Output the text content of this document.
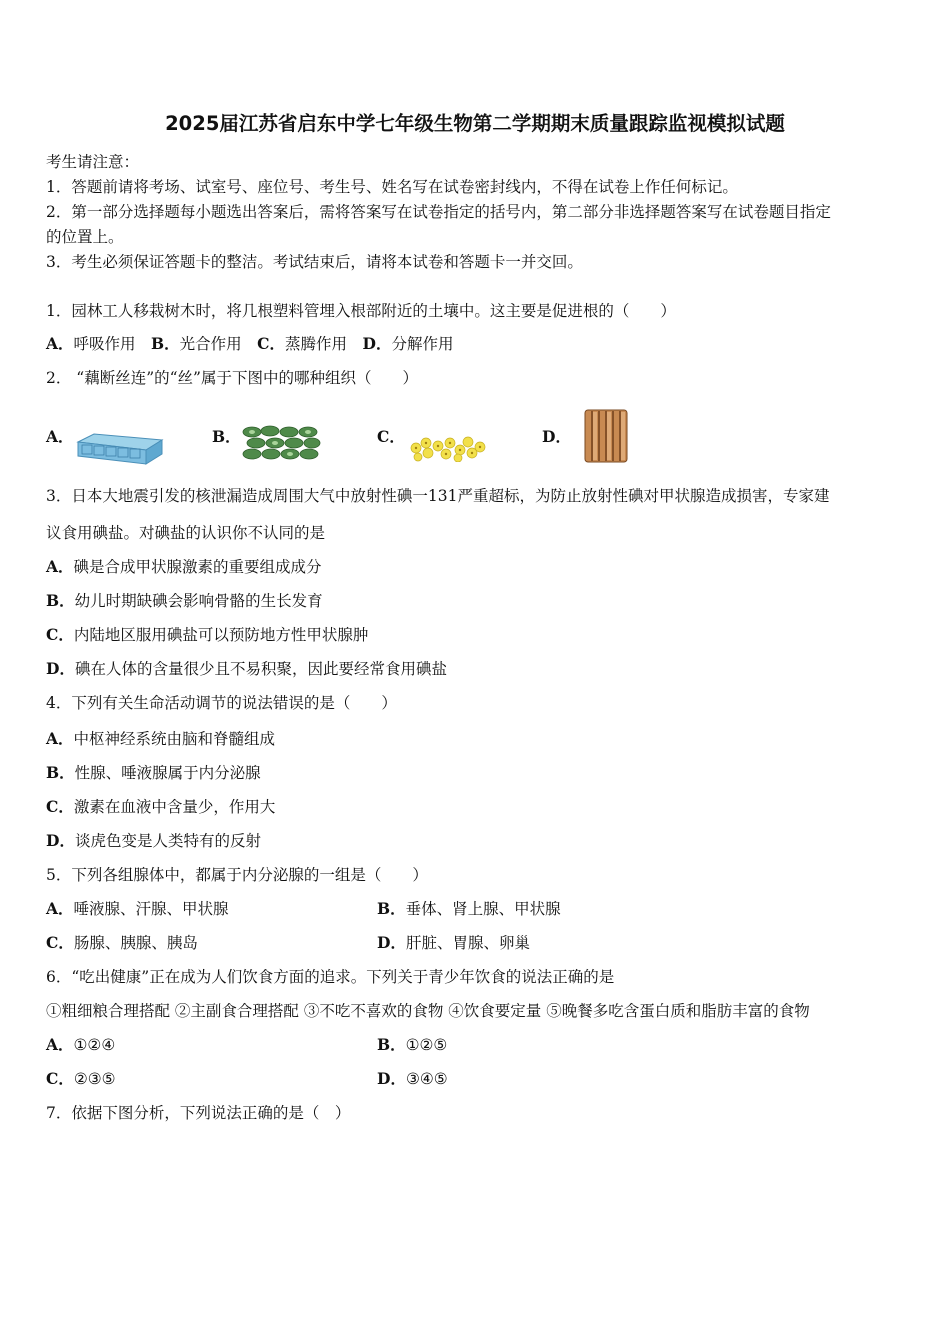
2025届江苏省启东中学七年级生物第二学期期末质量跟踪监视模拟试题
考生请注意：
1．答题前请将考场、试室号、座位号、考生号、姓名写在试卷密封线内，不得在试卷上作任何标记。
2．第一部分选择题每小题选出答案后，需将答案写在试卷指定的括号内，第二部分非选择题答案写在试卷题目指定
的位置上。
3．考生必须保证答题卡的整洁。考试结束后，请将本试卷和答题卡一并交回。
1．园林工人移栽树木时，将几根塑料管埋入根部附近的土壤中。这主要是促进根的（　　）
A．呼吸作用　B．光合作用　C．蒸腾作用　D．分解作用
2． “藕断丝连”的“丝”属于下图中的哪种组织（　　）
A．	B．	C．	D．
3．日本大地震引发的核泄漏造成周围大气中放射性碘一131严重超标，为防止放射性碘对甲状腺造成损害，专家建
议食用碘盐。对碘盐的认识你不认同的是
A．碘是合成甲状腺激素的重要组成成分
B．幼儿时期缺碘会影响骨骼的生长发育
C．内陆地区服用碘盐可以预防地方性甲状腺肿
D．碘在人体的含量很少且不易积聚，因此要经常食用碘盐
4．下列有关生命活动调节的说法错误的是（　　）
A．中枢神经系统由脑和脊髓组成
B．性腺、唾液腺属于内分泌腺
C．激素在血液中含量少，作用大
D．谈虎色变是人类特有的反射
5．下列各组腺体中，都属于内分泌腺的一组是（　　）
A．唾液腺、汗腺、甲状腺	B．垂体、肾上腺、甲状腺
C．肠腺、胰腺、胰岛	D．肝脏、胃腺、卵巢
6．“吃出健康”正在成为人们饮食方面的追求。下列关于青少年饮食的说法正确的是
①粗细粮合理搭配 ②主副食合理搭配 ③不吃不喜欢的食物 ④饮食要定量 ⑤晚餐多吃含蛋白质和脂肪丰富的食物
A．①②④	B．①②⑤
C．②③⑤	D．③④⑤
7．依据下图分析，下列说法正确的是（　）
